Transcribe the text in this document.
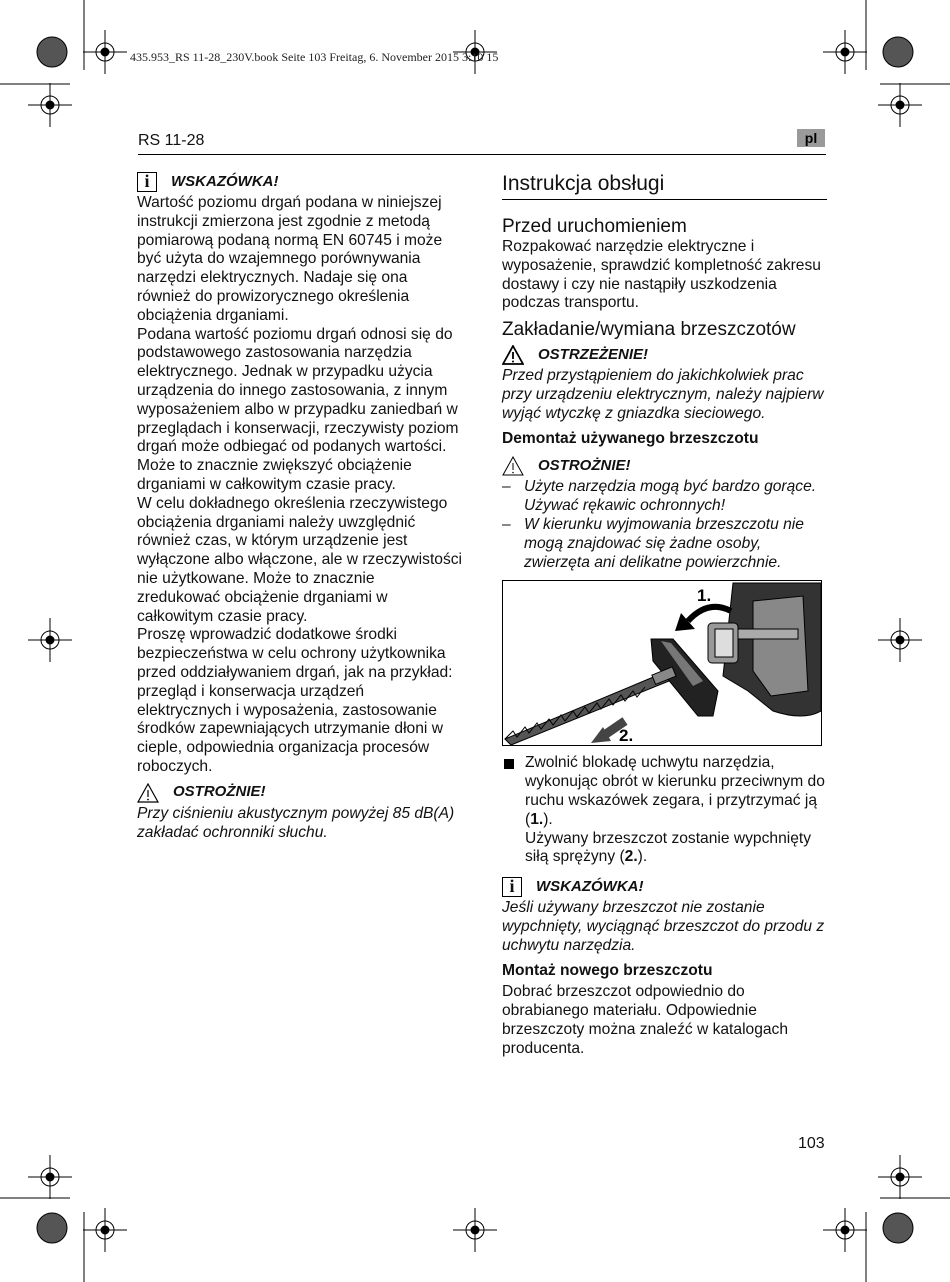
435.953_RS 11-28_230V.book Seite 103 Freitag, 6. November 2015 3:10 15
RS 11-28	pl
i	WSKAZÓWKA!

Wartość poziomu drgań podana w niniejszej instrukcji zmierzona jest zgodnie z metodą pomiarową podaną normą EN 60745 i może być użyta do wzajemnego porównywania narzędzi elektrycznych. Nadaje się ona również do prowizorycznego określenia obciążenia drganiami.

Podana wartość poziomu drgań odnosi się do podstawowego zastosowania narzędzia elektrycznego. Jednak w przypadku użycia urządzenia do innego zastosowania, z innym wyposażeniem albo w przypadku zaniedbań w przeglądach i konserwacji, rzeczywisty poziom drgań może odbiegać od podanych wartości. Może to znacznie zwiększyć obciążenie drganiami w całkowitym czasie pracy.

W celu dokładnego określenia rzeczywistego obciążenia drganiami należy uwzględnić również czas, w którym urządzenie jest wyłączone albo włączone, ale w rzeczywistości nie użytkowane. Może to znacznie zredukować obciążenie drganiami w całkowitym czasie pracy.

Proszę wprowadzić dodatkowe środki bezpieczeństwa w celu ochrony użytkownika przed oddziaływaniem drgań, jak na przykład: przegląd i konserwacja urządzeń elektrycznych i wyposażenia, zastosowanie środków zapewniających utrzymanie dłoni w cieple, odpowiednia organizacja procesów roboczych.

OSTROŻNIE!

Przy ciśnieniu akustycznym powyżej 85 dB(A) zakładać ochronniki słuchu.

Instrukcja obsługi
Przed uruchomieniem

Rozpakować narzędzie elektryczne i wyposażenie, sprawdzić kompletność zakresu dostawy i czy nie nastąpiły uszkodzenia podczas transportu.

Zakładanie/wymiana brzeszczotów
OSTRZEŻENIE!

Przed przystąpieniem do jakichkolwiek prac przy urządzeniu elektrycznym, należy najpierw wyjąć wtyczkę z gniazdka sieciowego.

Demontaż używanego brzeszczotu
OSTROŻNIE!
– Użyte narzędzia mogą być bardzo gorące. Używać rękawic ochronnych!
– W kierunku wyjmowania brzeszczotu nie mogą znajdować się żadne osoby, zwierzęta ani delikatne powierzchnie.
1.
2.

Zwolnić blokadę uchwytu narzędzia, wykonując obrót w kierunku przeciwnym do ruchu wskazówek zegara, i przytrzymać ją (1.).

Używany brzeszczot zostanie wypchnięty siłą sprężyny (2.).

i	WSKAZÓWKA!

Jeśli używany brzeszczot nie zostanie wypchnięty, wyciągnąć brzeszczot do przodu z uchwytu narzędzia.

Montaż nowego brzeszczotu

Dobrać brzeszczot odpowiednio do obrabianego materiału. Odpowiednie brzeszczoty można znaleźć w katalogach producenta.

103
